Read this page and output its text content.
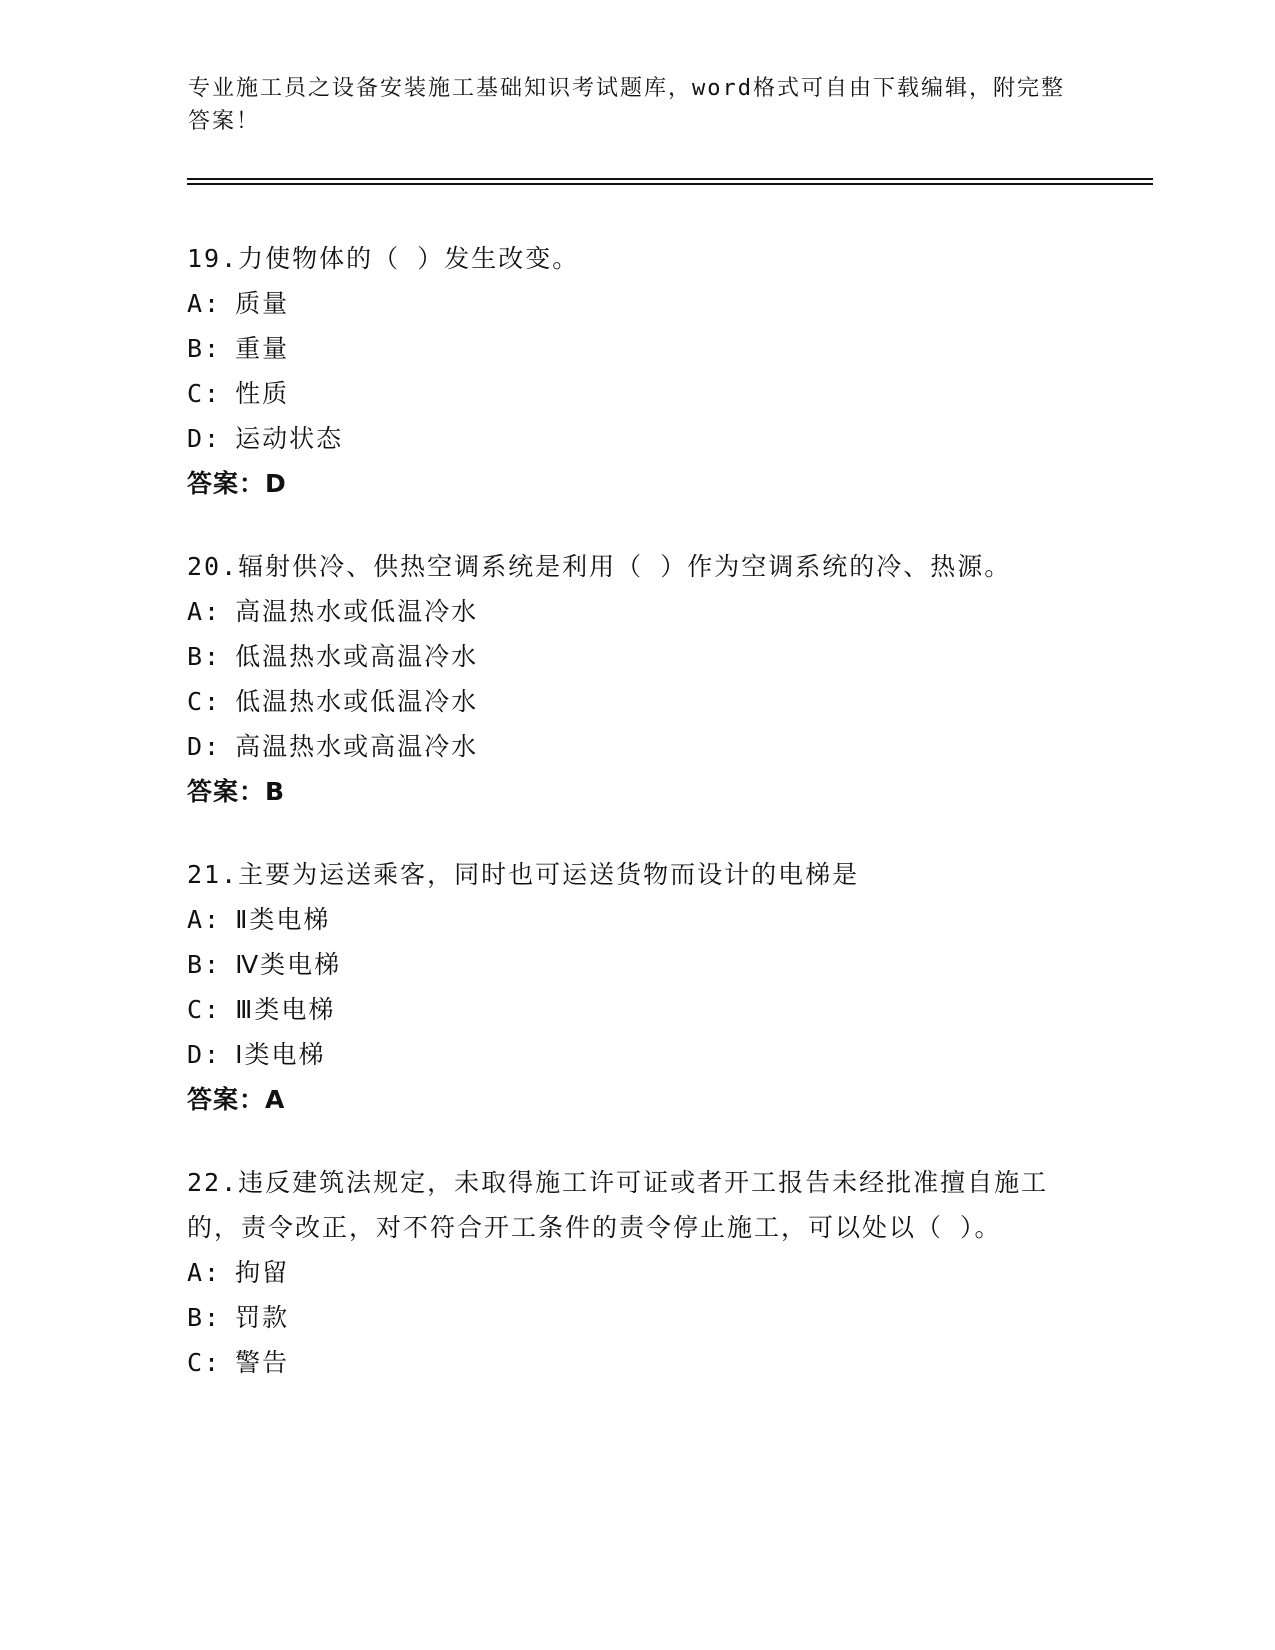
专业施工员之设备安装施工基础知识考试题库，word格式可自由下载编辑，附完整答案！

19.力使物体的（ ）发生改变。

A: 质量

B: 重量

C: 性质

D: 运动状态

答案：D

20.辐射供冷、供热空调系统是利用（ ）作为空调系统的冷、热源。

A: 高温热水或低温冷水

B: 低温热水或高温冷水

C: 低温热水或低温冷水

D: 高温热水或高温冷水

答案：B

21.主要为运送乘客，同时也可运送货物而设计的电梯是

A: Ⅱ类电梯

B: Ⅳ类电梯

C: Ⅲ类电梯

D: Ⅰ类电梯

答案：A

22.违反建筑法规定，未取得施工许可证或者开工报告未经批准擅自施工的，责令改正，对不符合开工条件的责令停止施工，可以处以（ ）。

A: 拘留

B: 罚款

C: 警告
